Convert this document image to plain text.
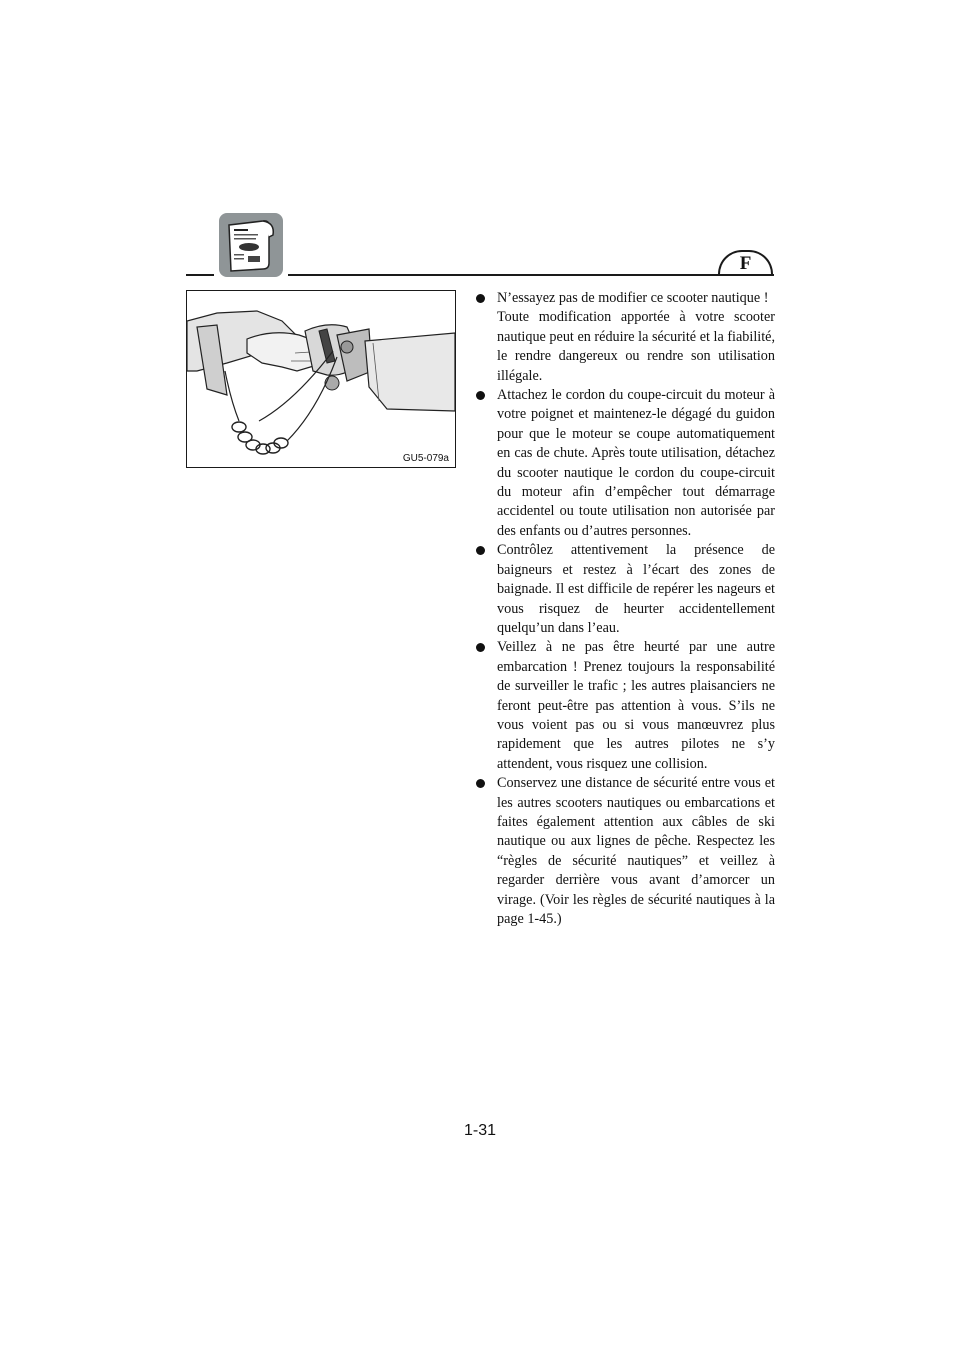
F
GU5-079a

N’essayez pas de modifier ce scooter nautique !

Toute modification apportée à votre scooter nautique peut en réduire la sécurité et la fiabilité, le rendre dangereux ou rendre son utilisation illégale.

Attachez le cordon du coupe-circuit du moteur à votre poignet et maintenez-le dégagé du guidon pour que le moteur se coupe automatiquement en cas de chute. Après toute utilisation, détachez du scooter nautique le cordon du coupe-circuit du moteur afin d’empêcher tout démarrage accidentel ou toute utilisation non autorisée par des enfants ou d’autres personnes.

Contrôlez attentivement la présence de baigneurs et restez à l’écart des zones de baignade. Il est difficile de repérer les nageurs et vous risquez de heurter accidentellement quelqu’un dans l’eau.

Veillez à ne pas être heurté par une autre embarcation ! Prenez toujours la responsabilité de surveiller le trafic ; les autres plaisanciers ne feront peut-être pas attention à vous. S’ils ne vous voient pas ou si vous manœuvrez plus rapidement que les autres pilotes ne s’y attendent, vous risquez une collision.

Conservez une distance de sécurité entre vous et les autres scooters nautiques ou embarcations et faites également attention aux câbles de ski nautique ou aux lignes de pêche. Respectez les “règles de sécurité nautiques” et veillez à regarder derrière vous avant d’amorcer un virage. (Voir les règles de sécurité nautiques à la page 1-45.)

1-31
